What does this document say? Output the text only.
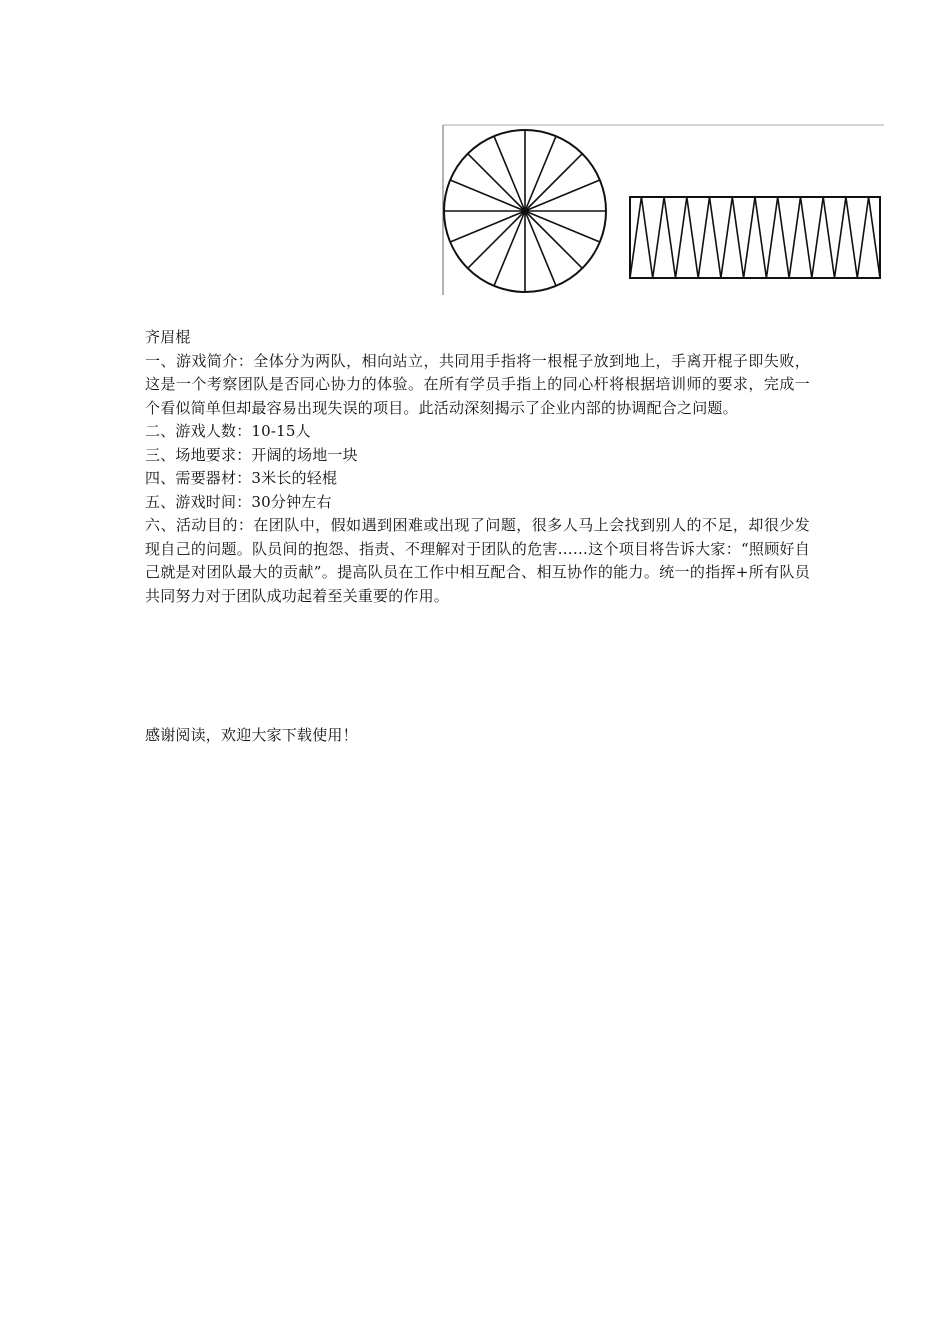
齐眉棍

一、游戏简介：全体分为两队，相向站立，共同用手指将一根棍子放到地上，手离开棍子即失败，这是一个考察团队是否同心协力的体验。在所有学员手指上的同心杆将根据培训师的要求，完成一个看似简单但却最容易出现失误的项目。此活动深刻揭示了企业内部的协调配合之问题。

二、游戏人数：10-15人

三、场地要求：开阔的场地一块

四、需要器材：3米长的轻棍

五、游戏时间：30分钟左右

六、活动目的：在团队中，假如遇到困难或出现了问题，很多人马上会找到别人的不足，却很少发现自己的问题。队员间的抱怨、指责、不理解对于团队的危害……这个项目将告诉大家：“照顾好自己就是对团队最大的贡献”。提高队员在工作中相互配合、相互协作的能力。统一的指挥+所有队员共同努力对于团队成功起着至关重要的作用。

感谢阅读，欢迎大家下载使用！
